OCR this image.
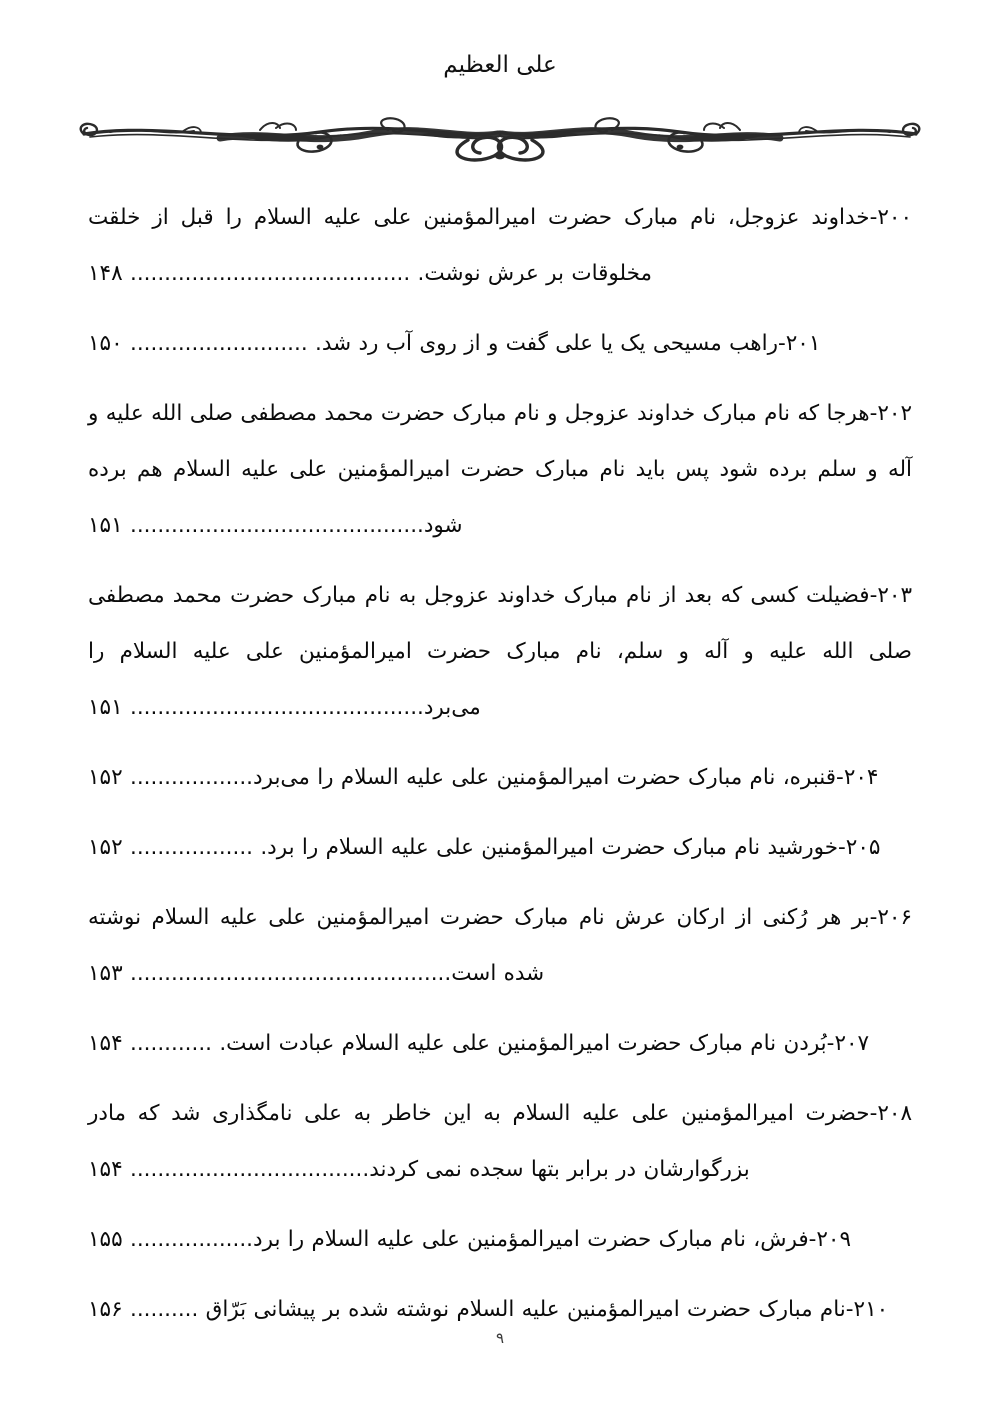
علی العظیم

۲۰۰-خداوند عزوجل، نام مبارک حضرت امیرالمؤمنین علی علیه السلام را قبل از خلقت مخلوقات بر عرش نوشت. ......................................... ۱۴۸

۲۰۱-راهب مسیحی یک یا علی گفت و از روی آب رد شد. .......................... ۱۵۰

۲۰۲-هرجا که نام مبارک خداوند عزوجل و نام مبارک حضرت محمد مصطفی صلی الله علیه و آله و سلم برده شود پس باید نام مبارک حضرت امیرالمؤمنین علی علیه السلام هم برده شود........................................... ۱۵۱

۲۰۳-فضیلت کسی که بعد از نام مبارک خداوند عزوجل به نام مبارک حضرت محمد مصطفی صلی الله علیه و آله و سلم، نام مبارک حضرت امیرالمؤمنین علی علیه السلام را می‌برد........................................... ۱۵۱

۲۰۴-قنبره، نام مبارک حضرت امیرالمؤمنین علی علیه السلام را می‌برد.................. ۱۵۲

۲۰۵-خورشید نام مبارک حضرت امیرالمؤمنین علی علیه السلام را برد. .................. ۱۵۲

۲۰۶-بر هر رُکنی از ارکان عرش نام مبارک حضرت امیرالمؤمنین علی علیه السلام نوشته شده است............................................... ۱۵۳

۲۰۷-بُردن نام مبارک حضرت امیرالمؤمنین علی علیه السلام عبادت است. ............ ۱۵۴

۲۰۸-حضرت امیرالمؤمنین علی علیه السلام به این خاطر به علی نامگذاری شد که مادر بزرگوارشان در برابر بتها سجده نمی کردند................................... ۱۵۴

۲۰۹-فرش، نام مبارک حضرت امیرالمؤمنین علی علیه السلام را برد.................. ۱۵۵

۲۱۰-نام مبارک حضرت امیرالمؤمنین علیه السلام نوشته شده بر پیشانی بَرّاق .......... ۱۵۶

۹
